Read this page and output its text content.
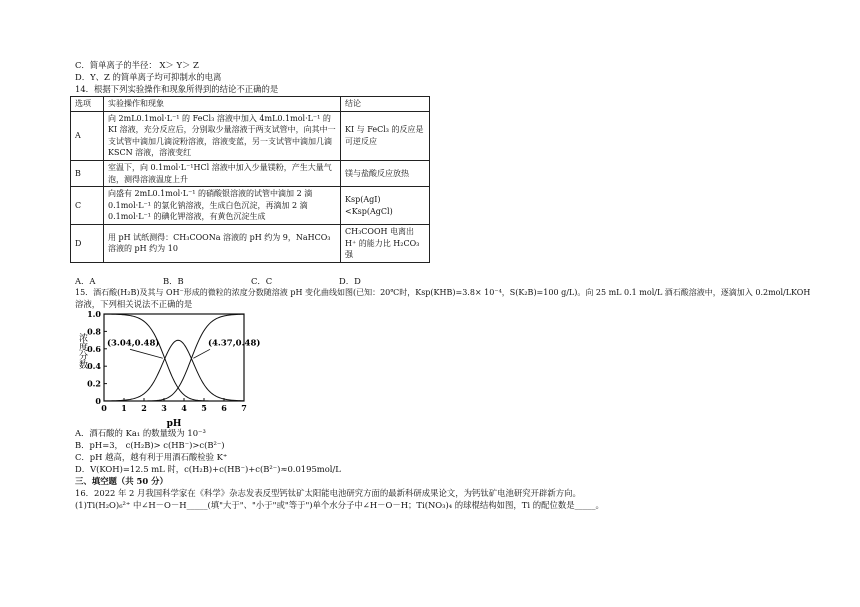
C．简单离子的半径： X＞ Y＞ Z
D．Y、Z 的简单离子均可抑制水的电离
14．根据下列实验操作和现象所得到的结论不正确的是
选项	实验操作和现象	结论
A	向 2mL0.1mol·L⁻¹ 的 FeCl₃ 溶液中加入 4mL0.1mol·L⁻¹ 的 KI 溶液，充分反应后，分别取少量溶液于两支试管中，向其中一支试管中滴加几滴淀粉溶液，溶液变蓝，另一支试管中滴加几滴 KSCN 溶液，溶液变红	KI 与 FeCl₃ 的反应是可逆反应
B	室温下，向 0.1mol·L⁻¹HCl 溶液中加入少量镁粉，产生大量气泡，测得溶液温度上升	镁与盐酸反应放热
C	向盛有 2mL0.1mol·L⁻¹ 的硝酸银溶液的试管中滴加 2 滴 0.1mol·L⁻¹ 的氯化钠溶液，生成白色沉淀，再滴加 2 滴 0.1mol·L⁻¹ 的碘化钾溶液，有黄色沉淀生成	Ksp(AgI)<Ksp(AgCl)
D	用 pH 试纸测得：CH₃COONa 溶液的 pH 约为 9，NaHCO₃ 溶液的 pH 约为 10	CH₃COOH 电离出 H⁺ 的能力比 H₂CO₃ 强
A．A	B．B	C．C	D．D
15．酒石酸(H₂B)及其与 OH⁻形成的微粒的浓度分数随溶液 pH 变化曲线如图(已知：20℃时，Ksp(KHB)=3.8× 10⁻⁴，S(K₂B)=100 g/L)。向 25 mL 0.1 mol/L 酒石酸溶液中，逐滴加入 0.2mol/LKOH
溶液，下列相关说法不正确的是
0 1 2 3 4 5 6 7
0
0.2
0.4
0.6
0.8
1.0
(3.04,0.48)	(4.37,0.48)
浓度分数
pH
A．酒石酸的 Ka₁ 的数量级为 10⁻³
B．pH=3， c(H₂B)> c(HB⁻)>c(B²⁻)
C．pH 越高，越有利于用酒石酸检验 K⁺
D．V(KOH)=12.5 mL 时，c(H₂B)+c(HB⁻)+c(B²⁻)≈0.0195mol/L
三、填空题（共 50 分）
16．2022 年 2 月我国科学家在《科学》杂志发表反型钙钛矿太阳能电池研究方面的最新科研成果论文，为钙钛矿电池研究开辟新方向。
(1)Ti(H₂O)₆²⁺ 中∠H－O－H_____(填"大于"、"小于"或"等于")单个水分子中∠H－O－H；Ti(NO₃)₄ 的球棍结构如图，Ti 的配位数是_____。
